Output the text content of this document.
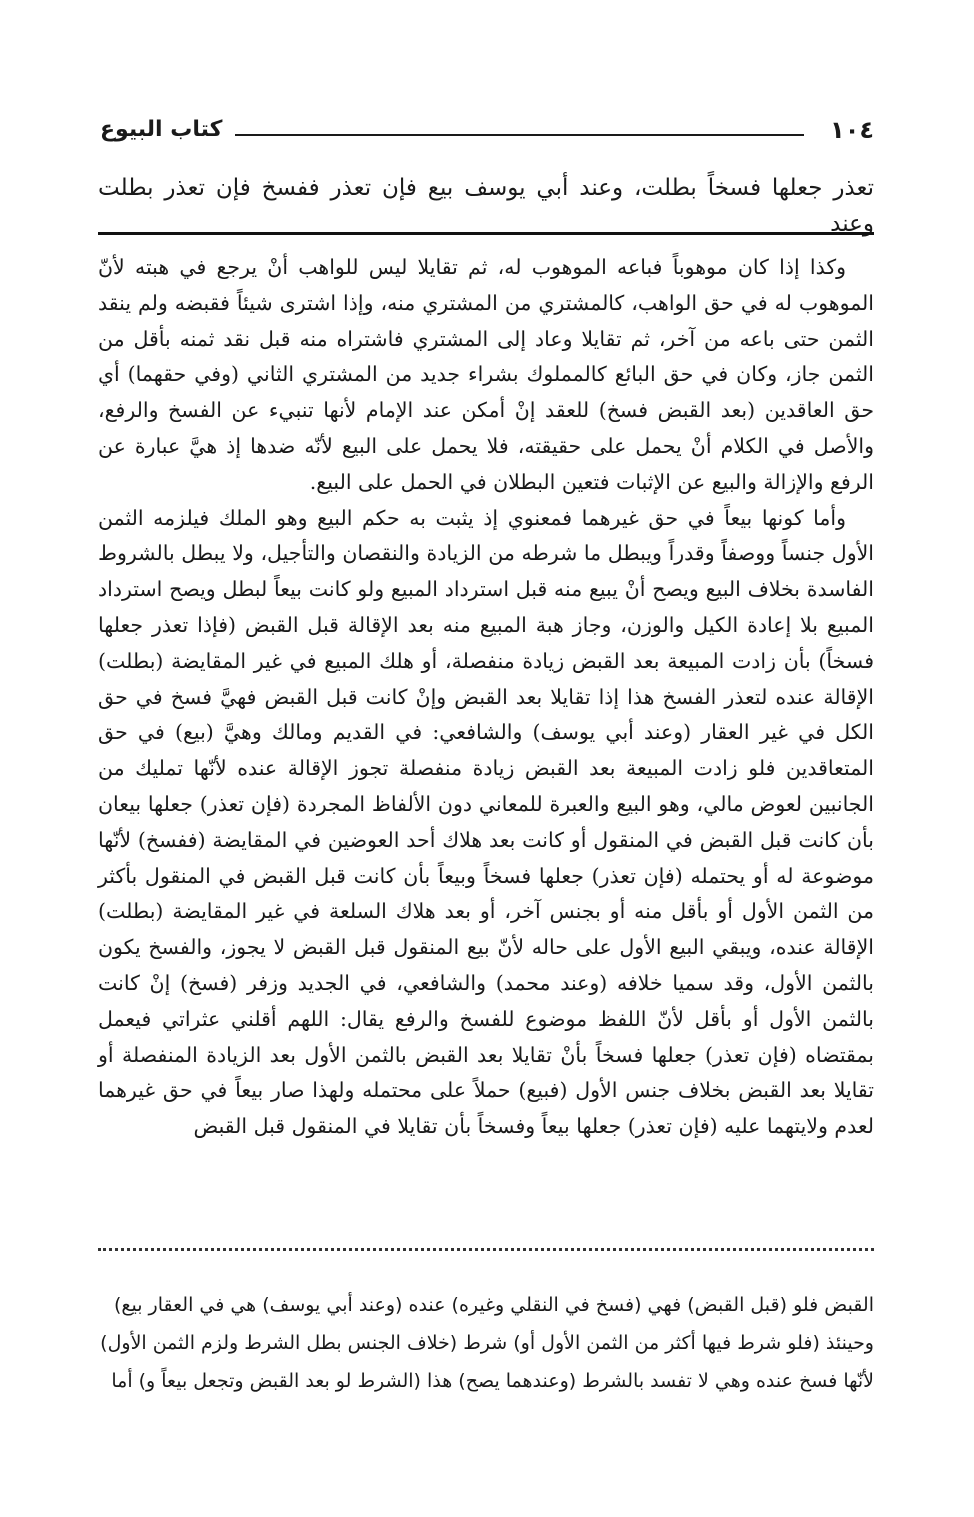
١٠٤
كتاب البيوع
تعذر جعلها فسخاً بطلت، وعند أبي يوسف بيع فإن تعذر ففسخ فإن تعذر بطلت وعند

وكذا إذا كان موهوباً فباعه الموهوب له، ثم تقايلا ليس للواهب أنْ يرجع في هبته لأنّ الموهوب له في حق الواهب، كالمشتري من المشتري منه، وإذا اشترى شيئاً فقبضه ولم ينقد الثمن حتى باعه من آخر، ثم تقايلا وعاد إلى المشتري فاشتراه منه قبل نقد ثمنه بأقل من الثمن جاز، وكان في حق البائع كالمملوك بشراء جديد من المشتري الثاني (وفي حقهما) أي حق العاقدين (بعد القبض فسخ) للعقد إنْ أمكن عند الإمام لأنها تنبيء عن الفسخ والرفع، والأصل في الكلام أنْ يحمل على حقيقته، فلا يحمل على البيع لأنّه ضدها إذ هيَّ عبارة عن الرفع والإزالة والبيع عن الإثبات فتعين البطلان في الحمل على البيع.

وأما كونها بيعاً في حق غيرهما فمعنوي إذ يثبت به حكم البيع وهو الملك فيلزمه الثمن الأول جنساً ووصفاً وقدراً ويبطل ما شرطه من الزيادة والنقصان والتأجيل، ولا يبطل بالشروط الفاسدة بخلاف البيع ويصح أنْ يبيع منه قبل استرداد المبيع ولو كانت بيعاً لبطل ويصح استرداد المبيع بلا إعادة الكيل والوزن، وجاز هبة المبيع منه بعد الإقالة قبل القبض (فإذا تعذر جعلها فسخاً) بأن زادت المبيعة بعد القبض زيادة منفصلة، أو هلك المبيع في غير المقايضة (بطلت) الإقالة عنده لتعذر الفسخ هذا إذا تقايلا بعد القبض وإنْ كانت قبل القبض فهيَّ فسخ في حق الكل في غير العقار (وعند أبي يوسف) والشافعي: في القديم ومالك وهيَّ (بيع) في حق المتعاقدين فلو زادت المبيعة بعد القبض زيادة منفصلة تجوز الإقالة عنده لأنّها تمليك من الجانبين لعوض مالي، وهو البيع والعبرة للمعاني دون الألفاظ المجردة (فإن تعذر) جعلها بيعان بأن كانت قبل القبض في المنقول أو كانت بعد هلاك أحد العوضين في المقايضة (ففسخ) لأنّها موضوعة له أو يحتمله (فإن تعذر) جعلها فسخاً وبيعاً بأن كانت قبل القبض في المنقول بأكثر من الثمن الأول أو بأقل منه أو بجنس آخر، أو بعد هلاك السلعة في غير المقايضة (بطلت) الإقالة عنده، ويبقي البيع الأول على حاله لأنّ بيع المنقول قبل القبض لا يجوز، والفسخ يكون بالثمن الأول، وقد سميا خلافه (وعند محمد) والشافعي، في الجديد وزفر (فسخ) إنْ كانت بالثمن الأول أو بأقل لأنّ اللفظ موضوع للفسخ والرفع يقال: اللهم أقلني عثراتي فيعمل بمقتضاه (فإن تعذر) جعلها فسخاً بأنْ تقايلا بعد القبض بالثمن الأول بعد الزيادة المنفصلة أو تقايلا بعد القبض بخلاف جنس الأول (فبيع) حملاً على محتمله ولهذا صار بيعاً في حق غيرهما لعدم ولايتهما عليه (فإن تعذر) جعلها بيعاً وفسخاً بأن تقايلا في المنقول قبل القبض

القبض فلو (قبل القبض) فهي (فسخ في النقلي وغيره) عنده (وعند أبي يوسف) هي في العقار بيع)

وحينئذ (فلو شرط فيها أكثر من الثمن الأول أو) شرط (خلاف الجنس بطل الشرط ولزم الثمن الأول)

لأنّها فسخ عنده وهي لا تفسد بالشرط (وعندهما يصح) هذا (الشرط لو بعد القبض وتجعل بيعاً و) أما
